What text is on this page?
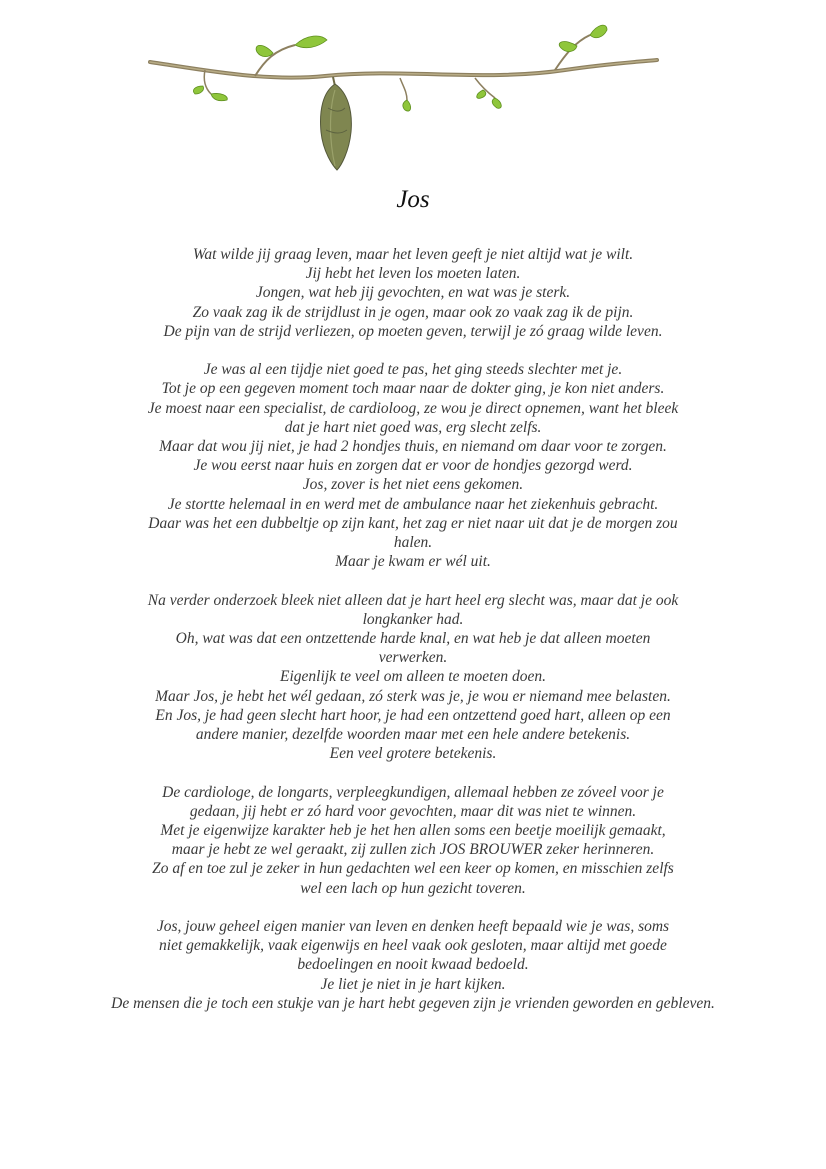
Jos
Wat wilde jij graag leven, maar het leven geeft je niet altijd wat je wilt.
Jij hebt het leven los moeten laten.
Jongen, wat heb jij gevochten, en wat was je sterk.
Zo vaak zag ik de strijdlust in je ogen, maar ook zo vaak zag ik de pijn.
De pijn van de strijd verliezen, op moeten geven, terwijl je zó graag wilde leven.
Je was al een tijdje niet goed te pas, het ging steeds slechter met je.
Tot je op een gegeven moment toch maar naar de dokter ging, je kon niet anders.
Je moest naar een specialist, de cardioloog, ze wou je direct opnemen, want het bleek
dat je hart niet goed was, erg slecht zelfs.
Maar dat wou jij niet, je had 2 hondjes thuis, en niemand om daar voor te zorgen.
Je wou eerst naar huis en zorgen dat er voor de hondjes gezorgd werd.
Jos, zover is het niet eens gekomen.
Je stortte helemaal in en werd met de ambulance naar het ziekenhuis gebracht.
Daar was het een dubbeltje op zijn kant, het zag er niet naar uit dat je de morgen zou
halen.
Maar je kwam er wél uit.
Na verder onderzoek bleek niet alleen dat je hart heel erg slecht was, maar dat je ook
longkanker had.
Oh, wat was dat een ontzettende harde knal, en wat heb je dat alleen moeten
verwerken.
Eigenlijk te veel om alleen te moeten doen.
Maar Jos, je hebt het wél gedaan, zó sterk was je, je wou er niemand mee belasten.
En Jos, je had geen slecht hart hoor, je had een ontzettend goed hart, alleen op een
andere manier, dezelfde woorden maar met een hele andere betekenis.
Een veel grotere betekenis.
De cardiologe, de longarts, verpleegkundigen, allemaal hebben ze zóveel voor je
gedaan, jij hebt er zó hard voor gevochten, maar dit was niet te winnen.
Met je eigenwijze karakter heb je het hen allen soms een beetje moeilijk gemaakt,
maar je hebt ze wel geraakt, zij zullen zich JOS BROUWER zeker herinneren.
Zo af en toe zul je zeker in hun gedachten wel een keer op komen, en misschien zelfs
wel een lach op hun gezicht toveren.
Jos, jouw geheel eigen manier van leven en denken heeft bepaald wie je was, soms
niet gemakkelijk, vaak eigenwijs en heel vaak ook gesloten, maar altijd met goede
bedoelingen en nooit kwaad bedoeld.
Je liet je niet in je hart kijken.
De mensen die je toch een stukje van je hart hebt gegeven zijn je vrienden geworden en gebleven.
